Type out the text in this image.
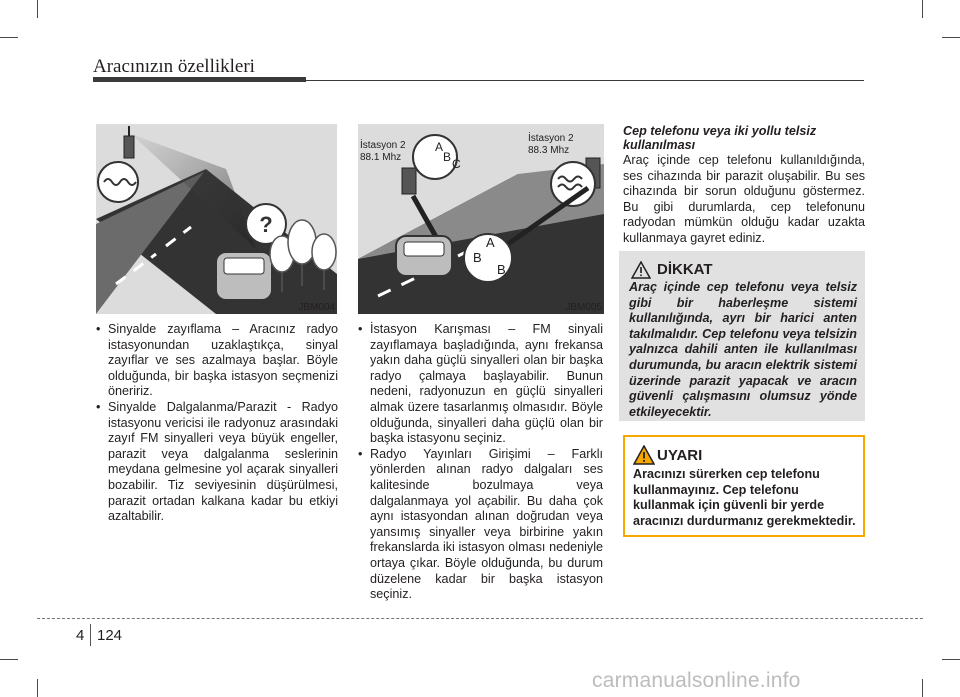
Aracınızın özellikleri
?
JBM004
A
B C
A
B
B
İstasyon 2
88.1 Mhz
İstasyon 2
88.3 Mhz
JBM005
• Sinyalde zayıflama – Aracınız radyo istasyonundan uzaklaştıkça, sinyal zayıflar ve ses azalmaya başlar. Böyle olduğunda, bir başka istasyon seçmenizi öneririz.
• Sinyalde Dalgalanma/Parazit - Radyo istasyonu vericisi ile radyonuz arasındaki zayıf FM sinyalleri veya büyük engeller, parazit veya dalgalanma seslerinin meydana gelmesine yol açarak sinyalleri bozabilir. Tiz seviyesinin düşürülmesi, parazit ortadan kalkana kadar bu etkiyi azaltabilir.
• İstasyon Karışması – FM sinyali zayıflamaya başladığında, aynı frekansa yakın daha güçlü sinyalleri olan bir başka radyo çalmaya başlayabilir. Bunun nedeni, radyonuzun en güçlü sinyalleri almak üzere tasarlanmış olmasıdır. Böyle olduğunda, sinyalleri daha güçlü olan bir başka istasyonu seçiniz.
• Radyo Yayınları Girişimi – Farklı yönlerden alınan radyo dalgaları ses kalitesinde bozulmaya veya dalgalanmaya yol açabilir. Bu daha çok aynı istasyondan alınan doğrudan veya yansımış sinyaller veya birbirine yakın frekanslarda iki istasyon olması nedeniyle ortaya çıkar. Böyle olduğunda, bu durum düzelene kadar bir başka istasyon seçiniz.
Cep telefonu veya iki yollu telsiz kullanılması

Araç içinde cep telefonu kullanıldığında, ses cihazında bir parazit oluşabilir. Bu ses cihazında bir sorun olduğunu göstermez. Bu gibi durumlarda, cep telefonunu radyodan mümkün olduğu kadar uzakta kullanmaya gayret ediniz.

DİKKAT

Araç içinde cep telefonu veya telsiz gibi bir haberleşme sistemi kullanılığında, ayrı bir harici anten takılmalıdır. Cep telefonu veya telsizin yalnızca dahili anten ile kullanılması durumunda, bu aracın elektrik sistemi üzerinde parazit yapacak ve aracın güvenli çalışmasını olumsuz yönde etkileyecektir.

UYARI

Aracınızı sürerken cep telefonu kullanmayınız. Cep telefonu kullanmak için güvenli bir yerde aracınızı durdurmanız gerekmektedir.

4 124
carmanualsonline.info
